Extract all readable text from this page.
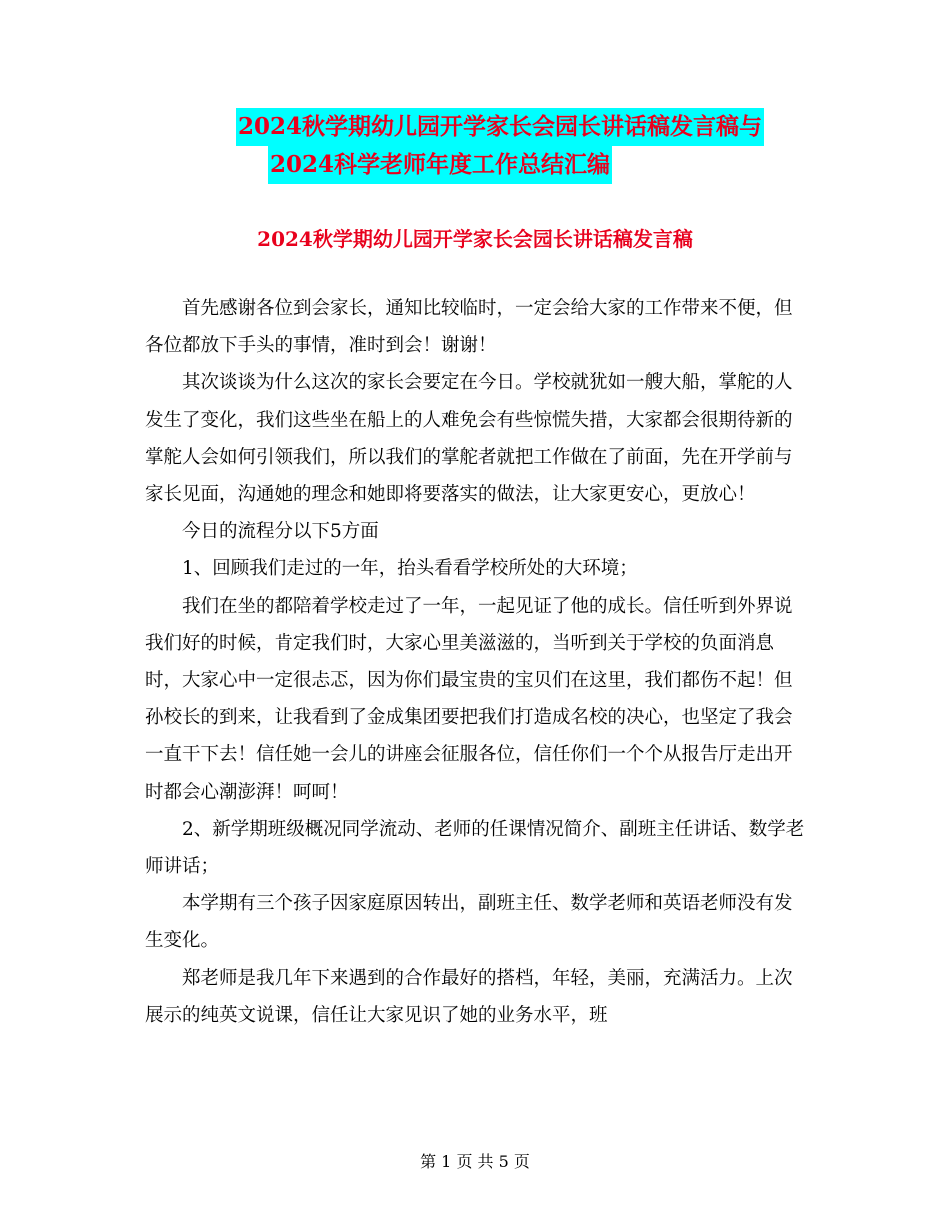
2024秋学期幼儿园开学家长会园长讲话稿发言稿与
2024科学老师年度工作总结汇编
2024秋学期幼儿园开学家长会园长讲话稿发言稿

首先感谢各位到会家长，通知比较临时，一定会给大家的工作带来不便，但各位都放下手头的事情，准时到会！谢谢！

其次谈谈为什么这次的家长会要定在今日。学校就犹如一艘大船，掌舵的人发生了变化，我们这些坐在船上的人难免会有些惊慌失措，大家都会很期待新的掌舵人会如何引领我们，所以我们的掌舵者就把工作做在了前面，先在开学前与家长见面，沟通她的理念和她即将要落实的做法，让大家更安心，更放心！

今日的流程分以下5方面

1、回顾我们走过的一年，抬头看看学校所处的大环境；

我们在坐的都陪着学校走过了一年，一起见证了他的成长。信任听到外界说我们好的时候，肯定我们时，大家心里美滋滋的，当听到关于学校的负面消息时，大家心中一定很忐忑，因为你们最宝贵的宝贝们在这里，我们都伤不起！但孙校长的到来，让我看到了金成集团要把我们打造成名校的决心，也坚定了我会一直干下去！信任她一会儿的讲座会征服各位，信任你们一个个从报告厅走出开时都会心潮澎湃！呵呵！

2、新学期班级概况同学流动、老师的任课情况简介、副班主任讲话、数学老师讲话；

本学期有三个孩子因家庭原因转出，副班主任、数学老师和英语老师没有发生变化。

郑老师是我几年下来遇到的合作最好的搭档，年轻，美丽，充满活力。上次展示的纯英文说课，信任让大家见识了她的业务水平，班

第 1 页 共 5 页
